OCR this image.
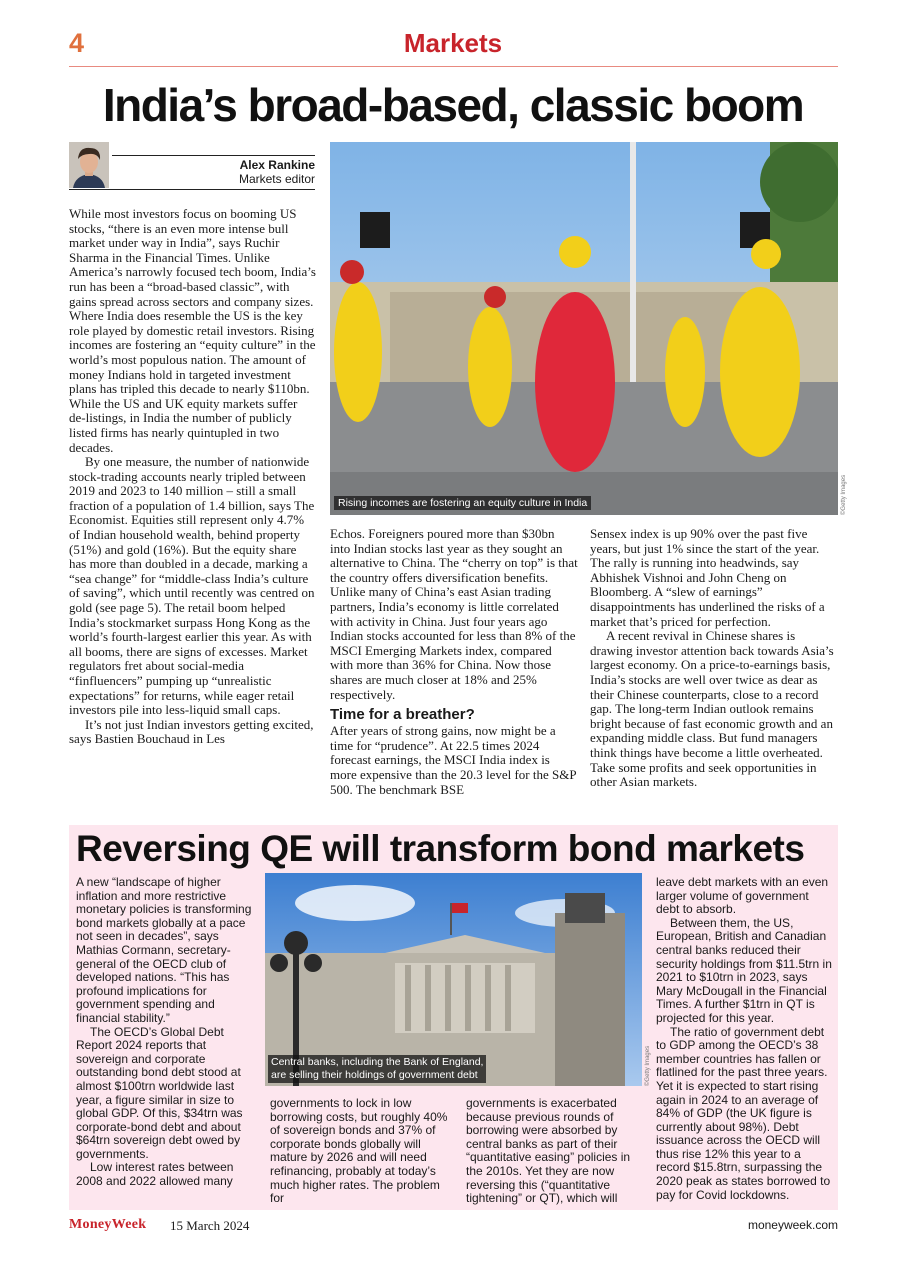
4	Markets
India’s broad-based, classic boom
Alex Rankine
Markets editor
Rising incomes are fostering an equity culture in India	©Getty Images

While most investors focus on booming US stocks, “there is an even more intense bull market under way in India”, says Ruchir Sharma in the Financial Times. Unlike America’s narrowly focused tech boom, India’s run has been a “broad-based classic”, with gains spread across sectors and company sizes. Where India does resemble the US is the key role played by domestic retail investors. Rising incomes are fostering an “equity culture” in the world’s most populous nation. The amount of money Indians hold in targeted investment plans has tripled this decade to nearly $110bn. While the US and UK equity markets suffer de-listings, in India the number of publicly listed firms has nearly quintupled in two decades.

By one measure, the number of nationwide stock-trading accounts nearly tripled between 2019 and 2023 to 140 million – still a small fraction of a population of 1.4 billion, says The Economist. Equities still represent only 4.7% of Indian household wealth, behind property (51%) and gold (16%). But the equity share has more than doubled in a decade, marking a “sea change” for “middle-class India’s culture of saving”, which until recently was centred on gold (see page 5). The retail boom helped India’s stockmarket surpass Hong Kong as the world’s fourth-largest earlier this year. As with all booms, there are signs of excesses. Market regulators fret about social-media “finfluencers” pumping up “unrealistic expectations” for returns, while eager retail investors pile into less-liquid small caps.

It’s not just Indian investors getting excited, says Bastien Bouchaud in Les

Echos. Foreigners poured more than $30bn into Indian stocks last year as they sought an alternative to China. The “cherry on top” is that the country offers diversification benefits. Unlike many of China’s east Asian trading partners, India’s economy is little correlated with activity in China. Just four years ago Indian stocks accounted for less than 8% of the MSCI Emerging Markets index, compared with more than 36% for China. Now those shares are much closer at 18% and 25% respectively.

Time for a breather?

After years of strong gains, now might be a time for “prudence”. At 22.5 times 2024 forecast earnings, the MSCI India index is more expensive than the 20.3 level for the S&P 500. The benchmark BSE

Sensex index is up 90% over the past five years, but just 1% since the start of the year. The rally is running into headwinds, say Abhishek Vishnoi and John Cheng on Bloomberg. A “slew of earnings” disappointments has underlined the risks of a market that’s priced for perfection.

A recent revival in Chinese shares is drawing investor attention back towards Asia’s largest economy. On a price-to-earnings basis, India’s stocks are well over twice as dear as their Chinese counterparts, close to a record gap. The long-term Indian outlook remains bright because of fast economic growth and an expanding middle class. But fund managers think things have become a little overheated. Take some profits and seek opportunities in other Asian markets.

Reversing QE will transform bond markets

A new “landscape of higher inflation and more restrictive monetary policies is transforming bond markets globally at a pace not seen in decades”, says Mathias Cormann, secretary-general of the OECD club of developed nations. “This has profound implications for government spending and financial stability.”

The OECD’s Global Debt Report 2024 reports that sovereign and corporate outstanding bond debt stood at almost $100trn worldwide last year, a figure similar in size to global GDP. Of this, $34trn was corporate-bond debt and about $64trn sovereign debt owed by governments.

Low interest rates between 2008 and 2022 allowed many

Central banks, including the Bank of England,
are selling their holdings of government debt	©Getty Images

governments to lock in low borrowing costs, but roughly 40% of sovereign bonds and 37% of corporate bonds globally will mature by 2026 and will need refinancing, probably at today’s much higher rates. The problem for

governments is exacerbated because previous rounds of borrowing were absorbed by central banks as part of their “quantitative easing” policies in the 2010s. Yet they are now reversing this (“quantitative tightening” or QT), which will

leave debt markets with an even larger volume of government debt to absorb.

Between them, the US, European, British and Canadian central banks reduced their security holdings from $11.5trn in 2021 to $10trn in 2023, says Mary McDougall in the Financial Times. A further $1trn in QT is projected for this year.

The ratio of government debt to GDP among the OECD’s 38 member countries has fallen or flatlined for the past three years. Yet it is expected to start rising again in 2024 to an average of 84% of GDP (the UK figure is currently about 98%). Debt issuance across the OECD will thus rise 12% this year to a record $15.8trn, surpassing the 2020 peak as states borrowed to pay for Covid lockdowns.

MoneyWeek 15 March 2024	moneyweek.com
